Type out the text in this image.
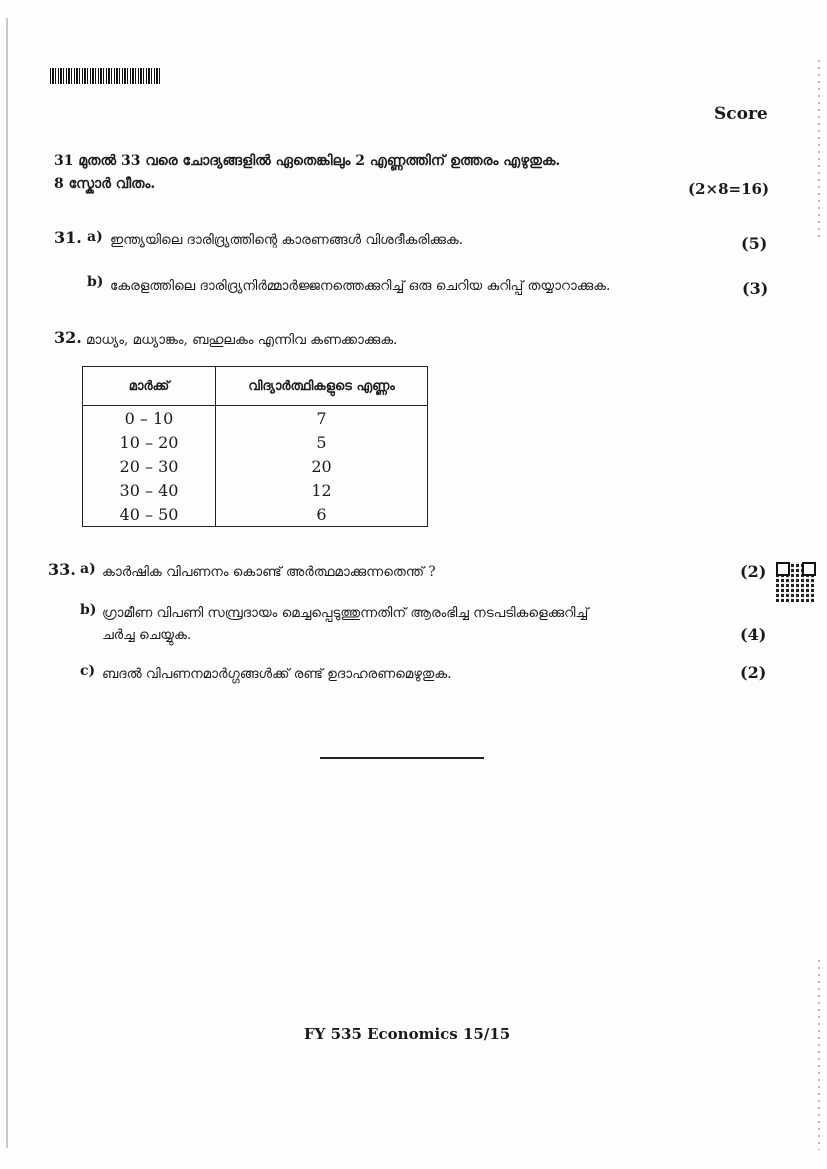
Score
31 മുതൽ 33 വരെ ചോദ്യങ്ങളിൽ ഏതെങ്കിലും 2 എണ്ണത്തിന് ഉത്തരം എഴുതുക.
8 സ്കോർ വീതം.	(2×8=16)
31. a) ഇന്ത്യയിലെ ദാരിദ്ര്യത്തിന്റെ കാരണങ്ങൾ വിശദീകരിക്കുക.	(5)
b) കേരളത്തിലെ ദാരിദ്ര്യനിർമ്മാർജ്ജനത്തെക്കുറിച്ച് ഒരു ചെറിയ കുറിപ്പ് തയ്യാറാക്കുക.	(3)
32. മാധ്യം, മധ്യാങ്കം, ബഹുലകം എന്നിവ കണക്കാക്കുക.
മാർക്ക്	വിദ്യാർത്ഥികളുടെ എണ്ണം
0 – 10	7
10 – 20	5
20 – 30	20
30 – 40	12
40 – 50	6
33. a) കാർഷിക വിപണനം കൊണ്ട് അർത്ഥമാക്കുന്നതെന്ത് ?	(2)
b) ഗ്രാമീണ വിപണി സമ്പ്രദായം മെച്ചപ്പെടുത്തുന്നതിന് ആരംഭിച്ച നടപടികളെക്കുറിച്ച്
ചർച്ച ചെയ്യുക.	(4)
c) ബദൽ വിപണനമാർഗ്ഗങ്ങൾക്ക് രണ്ട് ഉദാഹരണമെഴുതുക.	(2)
FY 535 Economics 15/15
